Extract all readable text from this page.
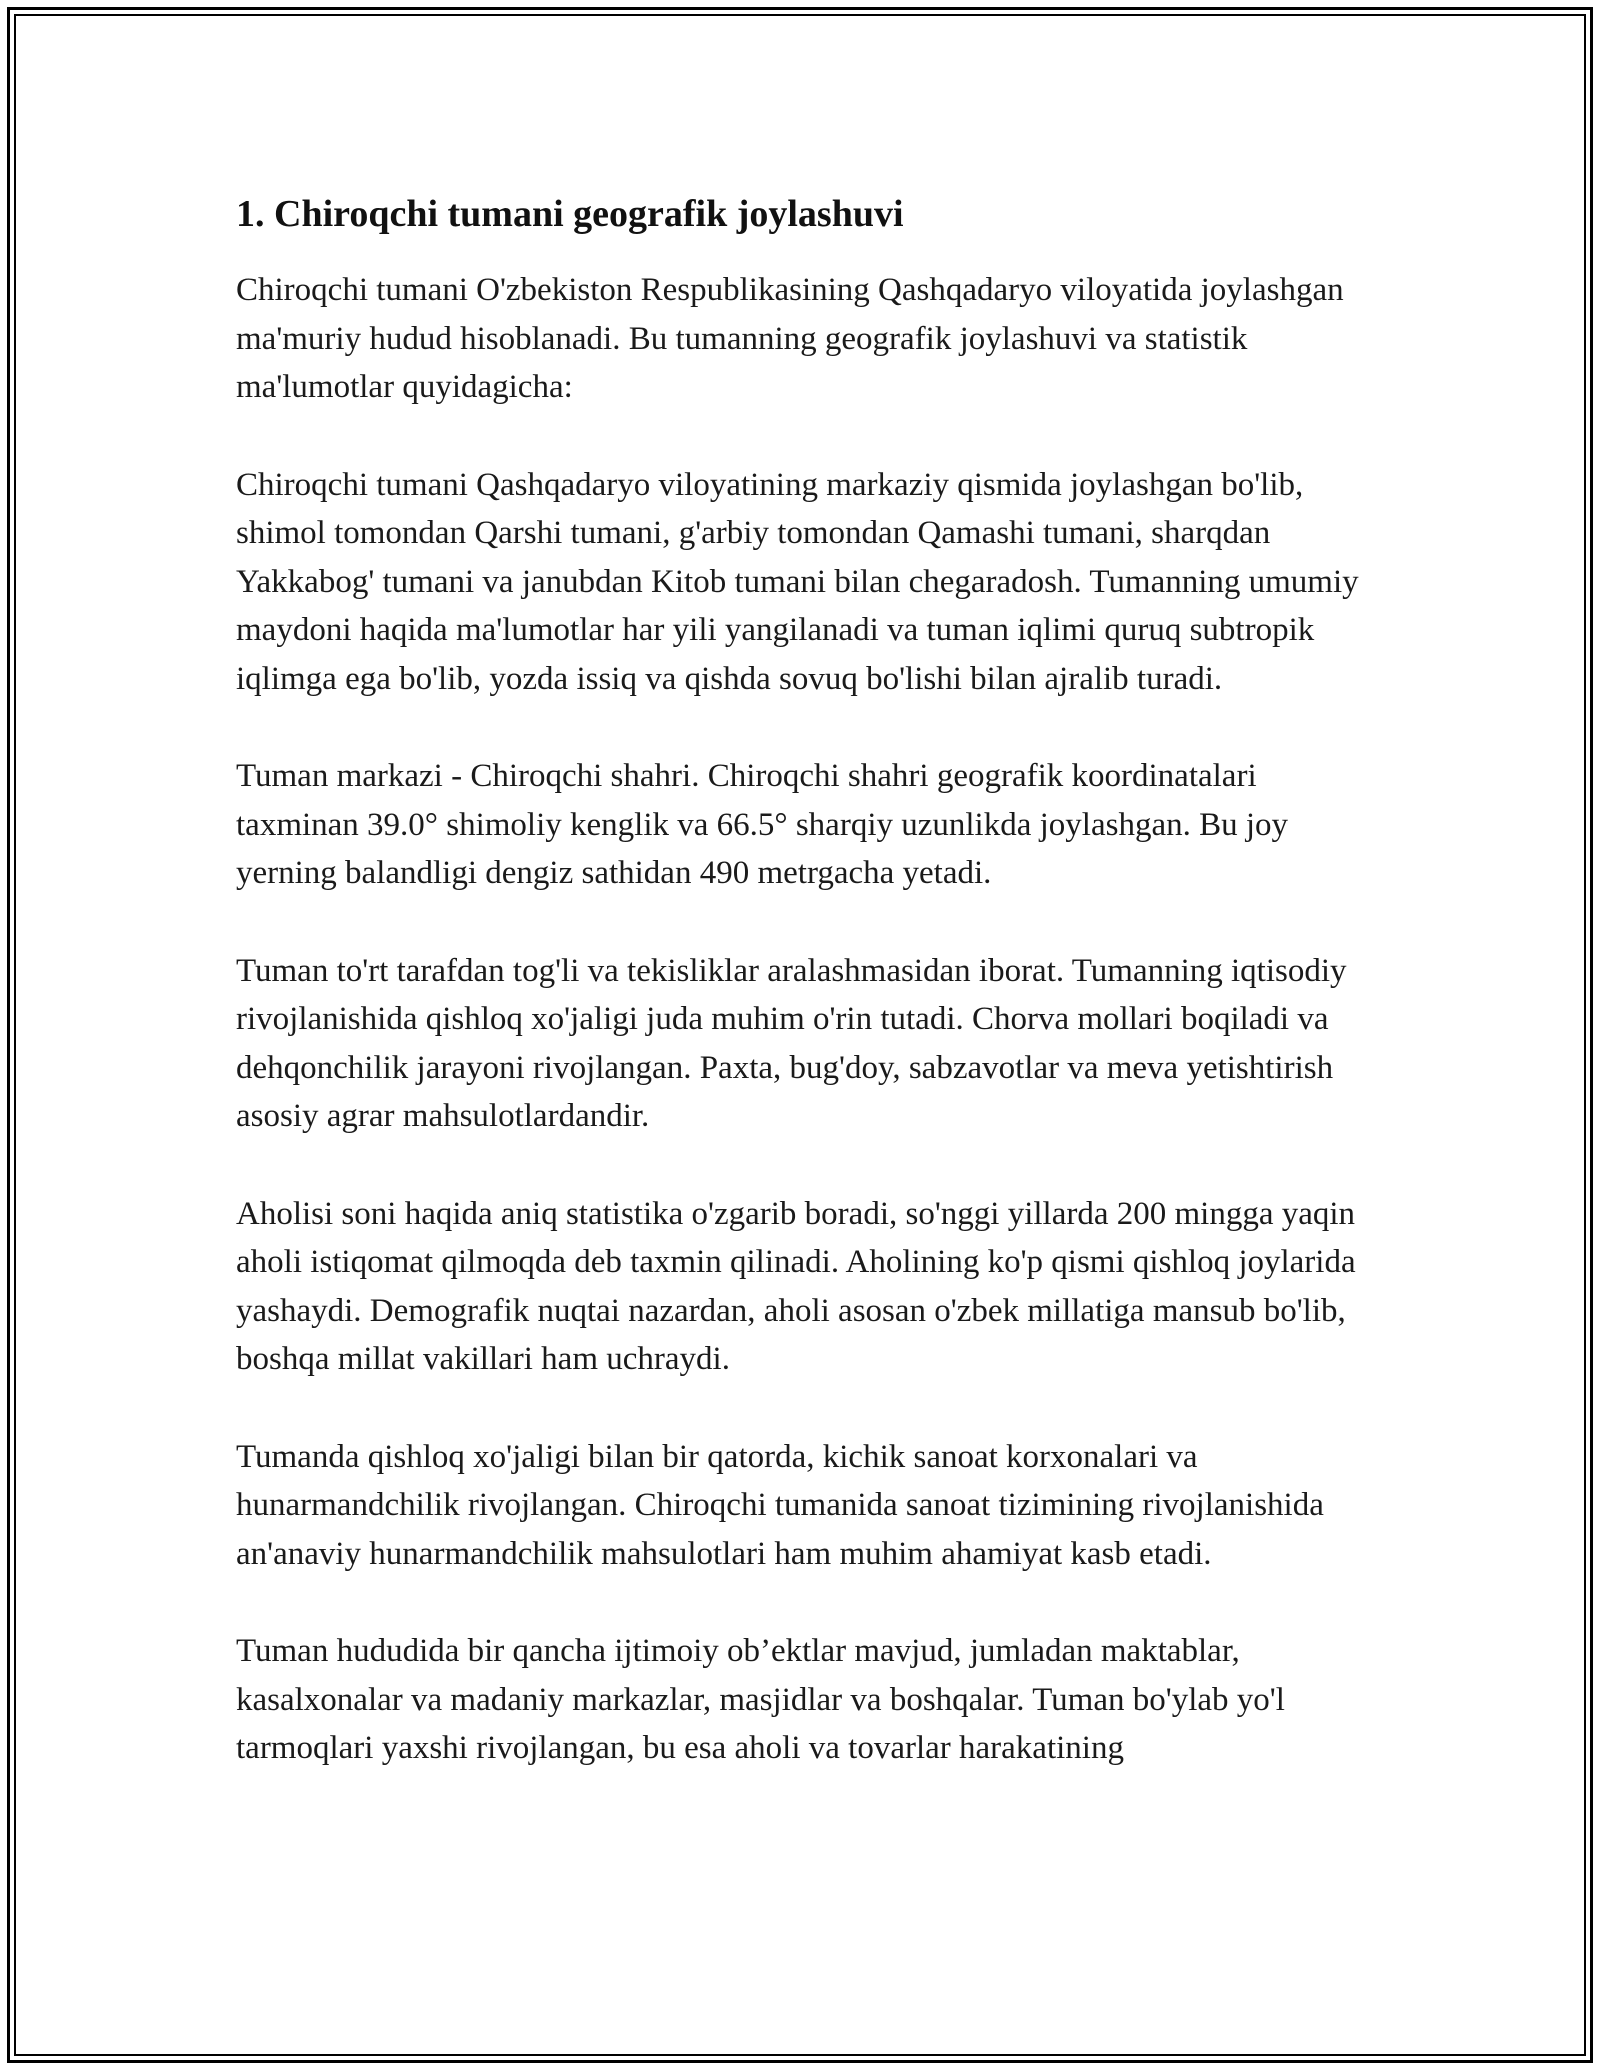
1. Chiroqchi tumani geografik joylashuvi

Chiroqchi tumani O'zbekiston Respublikasining Qashqadaryo viloyatida joylashgan ma'muriy hudud hisoblanadi. Bu tumanning geografik joylashuvi va statistik ma'lumotlar quyidagicha:

Chiroqchi tumani Qashqadaryo viloyatining markaziy qismida joylashgan bo'lib, shimol tomondan Qarshi tumani, g'arbiy tomondan Qamashi tumani, sharqdan Yakkabog' tumani va janubdan Kitob tumani bilan chegaradosh. Tumanning umumiy maydoni haqida ma'lumotlar har yili yangilanadi va tuman iqlimi quruq subtropik iqlimga ega bo'lib, yozda issiq va qishda sovuq bo'lishi bilan ajralib turadi.

Tuman markazi - Chiroqchi shahri. Chiroqchi shahri geografik koordinatalari taxminan 39.0° shimoliy kenglik va 66.5° sharqiy uzunlikda joylashgan. Bu joy yerning balandligi dengiz sathidan 490 metrgacha yetadi.

Tuman to'rt tarafdan tog'li va tekisliklar aralashmasidan iborat. Tumanning iqtisodiy rivojlanishida qishloq xo'jaligi juda muhim o'rin tutadi. Chorva mollari boqiladi va dehqonchilik jarayoni rivojlangan. Paxta, bug'doy, sabzavotlar va meva yetishtirish asosiy agrar mahsulotlardandir.

Aholisi soni haqida aniq statistika o'zgarib boradi, so'nggi yillarda 200 mingga yaqin aholi istiqomat qilmoqda deb taxmin qilinadi. Aholining ko'p qismi qishloq joylarida yashaydi. Demografik nuqtai nazardan, aholi asosan o'zbek millatiga mansub bo'lib, boshqa millat vakillari ham uchraydi.

Tumanda qishloq xo'jaligi bilan bir qatorda, kichik sanoat korxonalari va hunarmandchilik rivojlangan. Chiroqchi tumanida sanoat tizimining rivojlanishida an'anaviy hunarmandchilik mahsulotlari ham muhim ahamiyat kasb etadi.

Tuman hududida bir qancha ijtimoiy ob’ektlar mavjud, jumladan maktablar, kasalxonalar va madaniy markazlar, masjidlar va boshqalar. Tuman bo'ylab yo'l tarmoqlari yaxshi rivojlangan, bu esa aholi va tovarlar harakatining
